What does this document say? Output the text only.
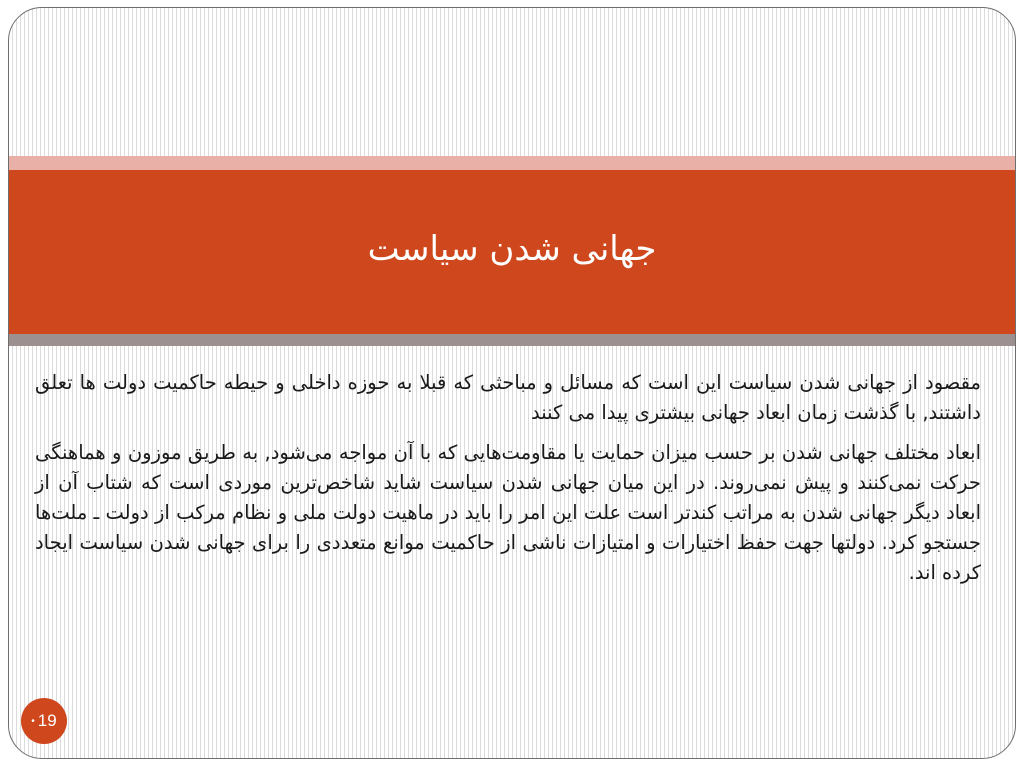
جهانی شدن سیاست

مقصود از جهانی شدن سیاست این است که مسائل و مباحثی که قبلا به حوزه داخلی و حیطه حاکمیت دولت ها تعلق داشتند, با گذشت زمان ابعاد جهانی بیشتری پیدا می کنند

ابعاد مختلف جهانی شدن بر حسب میزان حمایت یا مقاومت‌هایی که با آن مواجه می‌شود, به طریق موزون و هماهنگی حرکت نمی‌کنند و پیش نمی‌روند. در این میان جهانی شدن سیاست شاید شاخص‌ترین موردی است که شتاب آن از ابعاد دیگر جهانی شدن به مراتب کندتر است علت این امر را باید در ماهیت دولت ملی و نظام مرکب از دولت ـ ملت‌ها جستجو کرد. دولتها جهت حفظ اختیارات و امتیازات ناشی از حاکمیت موانع متعددی را برای جهانی شدن سیاست ایجاد کرده اند.

• 19
